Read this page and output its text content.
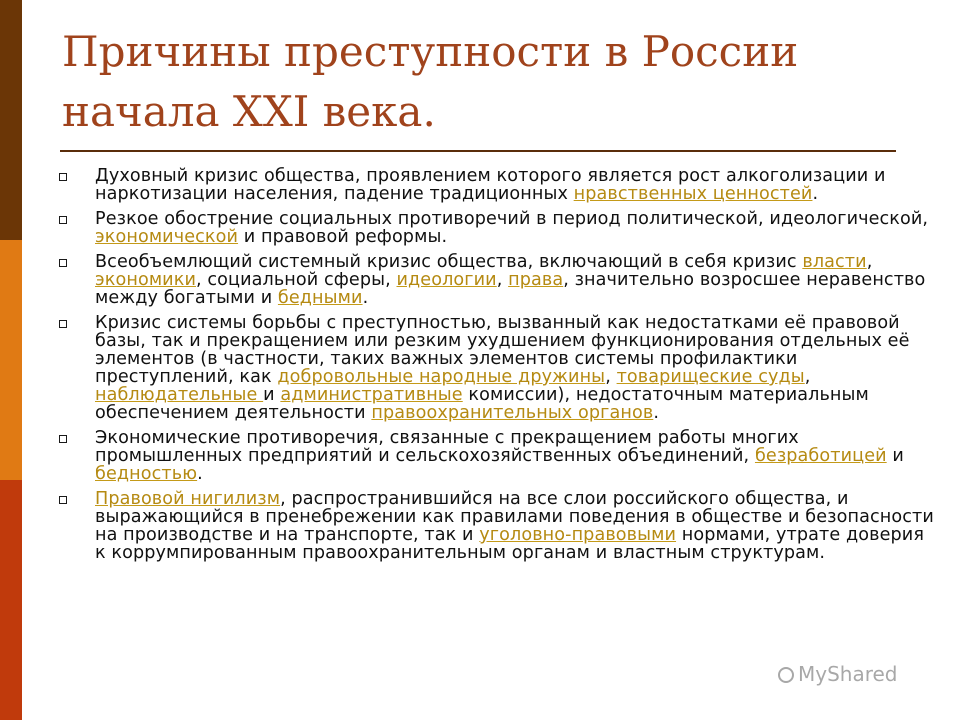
Причины преступности в России
начала XXI века.
Духовный кризис общества, проявлением которого является рост алкоголизации и наркотизации населения, падение традиционных нравственных ценностей.
Резкое обострение социальных противоречий в период политической, идеологической, экономической и правовой реформы.
Всеобъемлющий системный кризис общества, включающий в себя кризис власти, экономики, социальной сферы, идеологии, права, значительно возросшее неравенство между богатыми и бедными.
Кризис системы борьбы с преступностью, вызванный как недостатками её правовой базы, так и прекращением или резким ухудшением функционирования отдельных её элементов (в частности, таких важных элементов системы профилактики преступлений, как добровольные народные дружины, товарищеские суды, наблюдательные и административные комиссии), недостаточным материальным обеспечением деятельности правоохранительных органов.
Экономические противоречия, связанные с прекращением работы многих промышленных предприятий и сельскохозяйственных объединений, безработицей и бедностью.
Правовой нигилизм, распространившийся на все слои российского общества, и выражающийся в пренебрежении как правилами поведения в обществе и безопасности на производстве и на транспорте, так и уголовно-правовыми нормами, утрате доверия к коррумпированным правоохранительным органам и властным структурам.
MyShared
